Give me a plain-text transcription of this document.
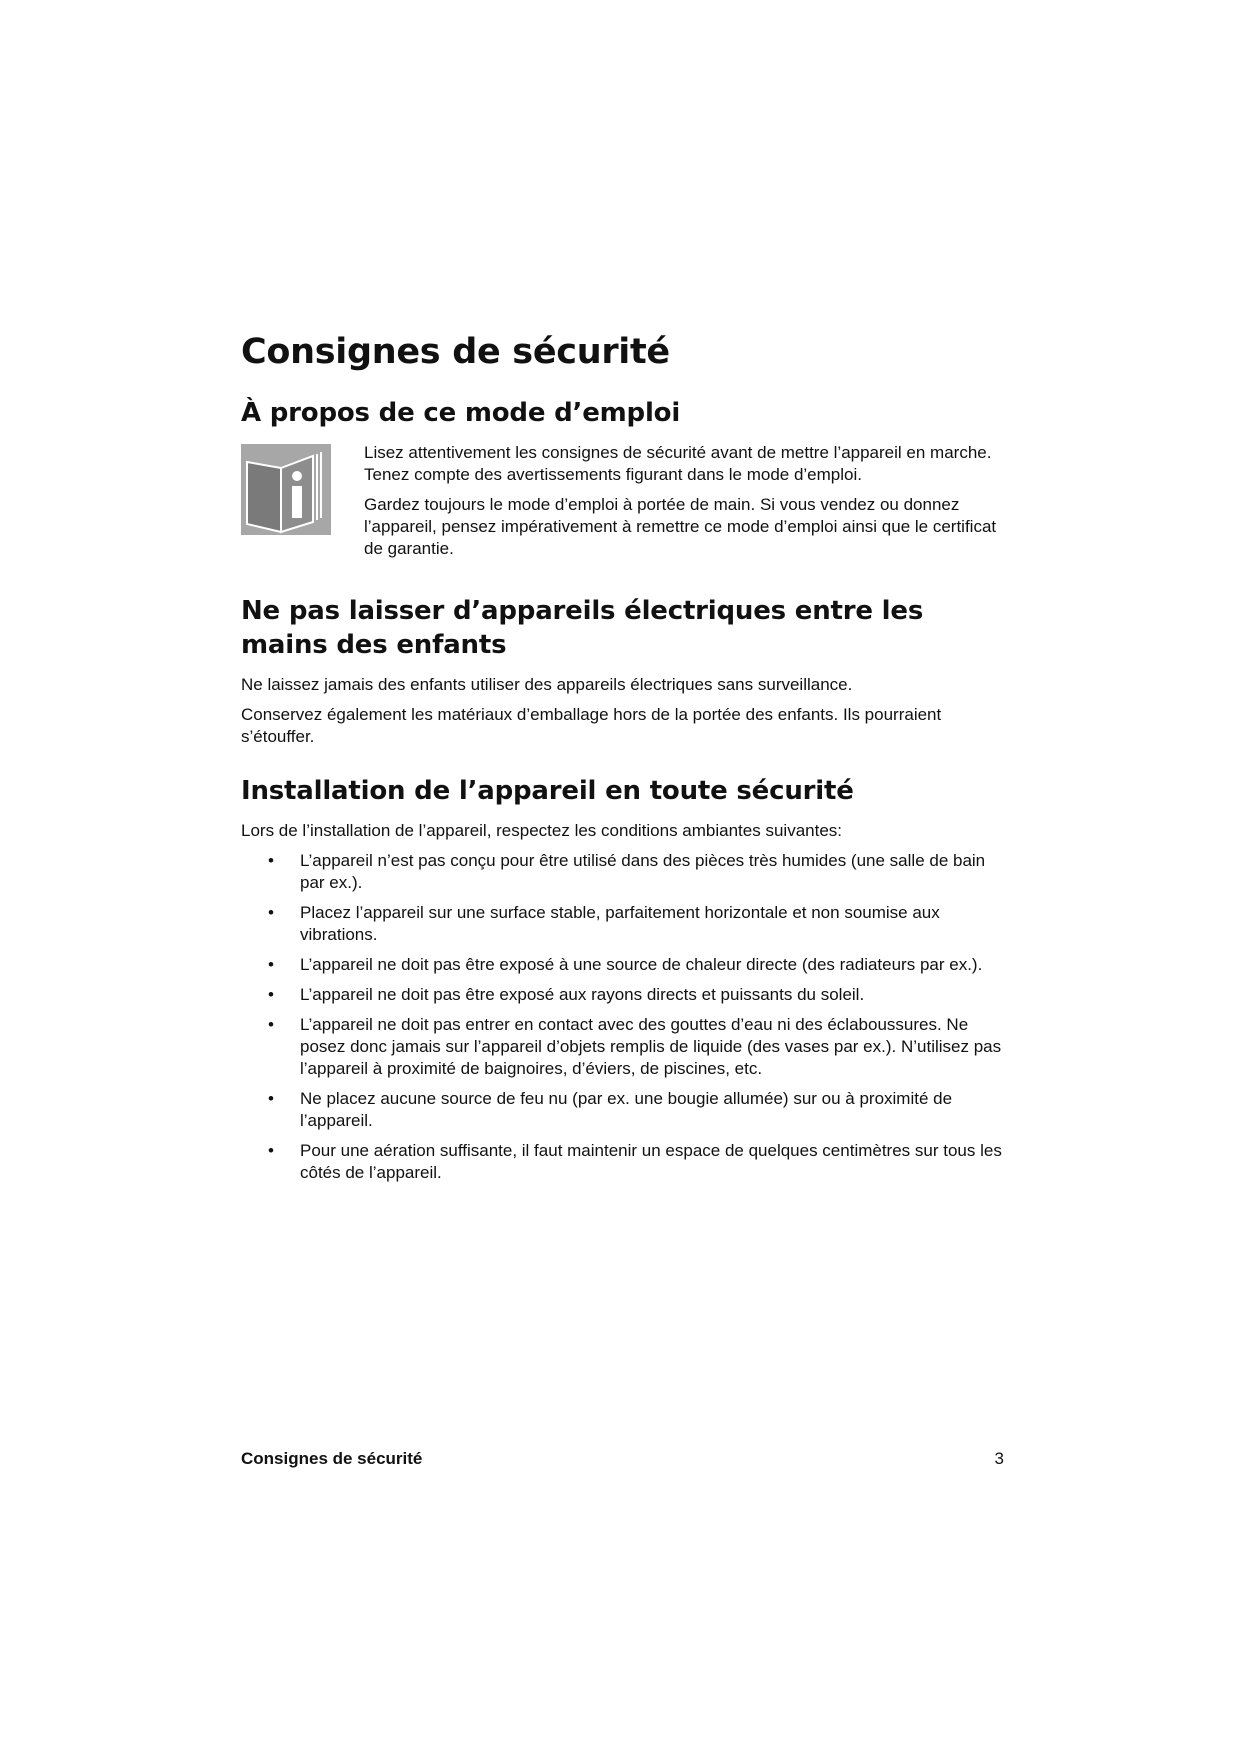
Consignes de sécurité
À propos de ce mode d’emploi

Lisez attentivement les consignes de sécurité avant de mettre l’appareil en marche. Tenez compte des avertissements figurant dans le mode d’emploi.

Gardez toujours le mode d’emploi à portée de main. Si vous vendez ou donnez l’appareil, pensez impérativement à remettre ce mode d’emploi ainsi que le certificat de garantie.

Ne pas laisser d’appareils électriques entre les mains des enfants

Ne laissez jamais des enfants utiliser des appareils électriques sans surveillance.

Conservez également les matériaux d’emballage hors de la portée des enfants. Ils pourraient s’étouffer.

Installation de l’appareil en toute sécurité

Lors de l’installation de l’appareil, respectez les conditions ambiantes suivantes:

• L’appareil n’est pas conçu pour être utilisé dans des pièces très humides (une salle de bain par ex.).
• Placez l’appareil sur une surface stable, parfaitement horizontale et non soumise aux vibrations.
• L’appareil ne doit pas être exposé à une source de chaleur directe (des radiateurs par ex.).
• L’appareil ne doit pas être exposé aux rayons directs et puissants du soleil.
• L’appareil ne doit pas entrer en contact avec des gouttes d’eau ni des éclaboussures. Ne posez donc jamais sur l’appareil d’objets remplis de liquide (des vases par ex.). N’utilisez pas l’appareil à proximité de baignoires, d’éviers, de piscines, etc.
• Ne placez aucune source de feu nu (par ex. une bougie allumée) sur ou à proximité de l’appareil.
• Pour une aération suffisante, il faut maintenir un espace de quelques centimètres sur tous les côtés de l’appareil.
Consignes de sécurité	3
